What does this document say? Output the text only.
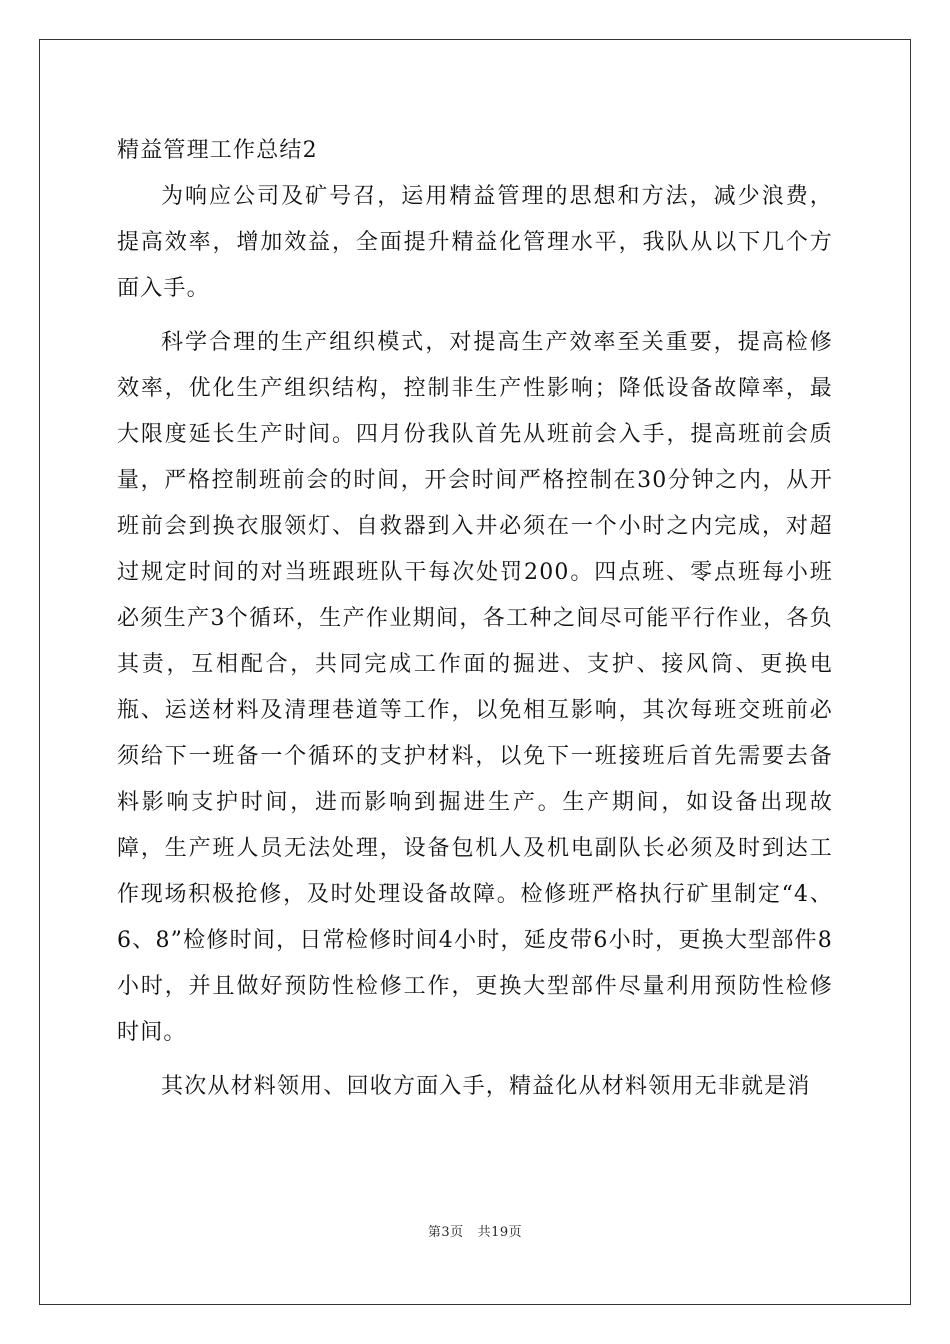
精益管理工作总结2

为响应公司及矿号召，运用精益管理的思想和方法，减少浪费，提高效率，增加效益，全面提升精益化管理水平，我队从以下几个方面入手。

科学合理的生产组织模式，对提高生产效率至关重要，提高检修效率，优化生产组织结构，控制非生产性影响；降低设备故障率，最大限度延长生产时间。四月份我队首先从班前会入手，提高班前会质量，严格控制班前会的时间，开会时间严格控制在30分钟之内，从开班前会到换衣服领灯、自救器到入井必须在一个小时之内完成，对超过规定时间的对当班跟班队干每次处罚200。四点班、零点班每小班必须生产3个循环，生产作业期间，各工种之间尽可能平行作业，各负其责，互相配合，共同完成工作面的掘进、支护、接风筒、更换电瓶、运送材料及清理巷道等工作，以免相互影响，其次每班交班前必须给下一班备一个循环的支护材料，以免下一班接班后首先需要去备料影响支护时间，进而影响到掘进生产。生产期间，如设备出现故障，生产班人员无法处理，设备包机人及机电副队长必须及时到达工作现场积极抢修，及时处理设备故障。检修班严格执行矿里制定“4、6、8”检修时间，日常检修时间4小时，延皮带6小时，更换大型部件8小时，并且做好预防性检修工作，更换大型部件尽量利用预防性检修时间。

其次从材料领用、回收方面入手，精益化从材料领用无非就是消

第3页 共19页
